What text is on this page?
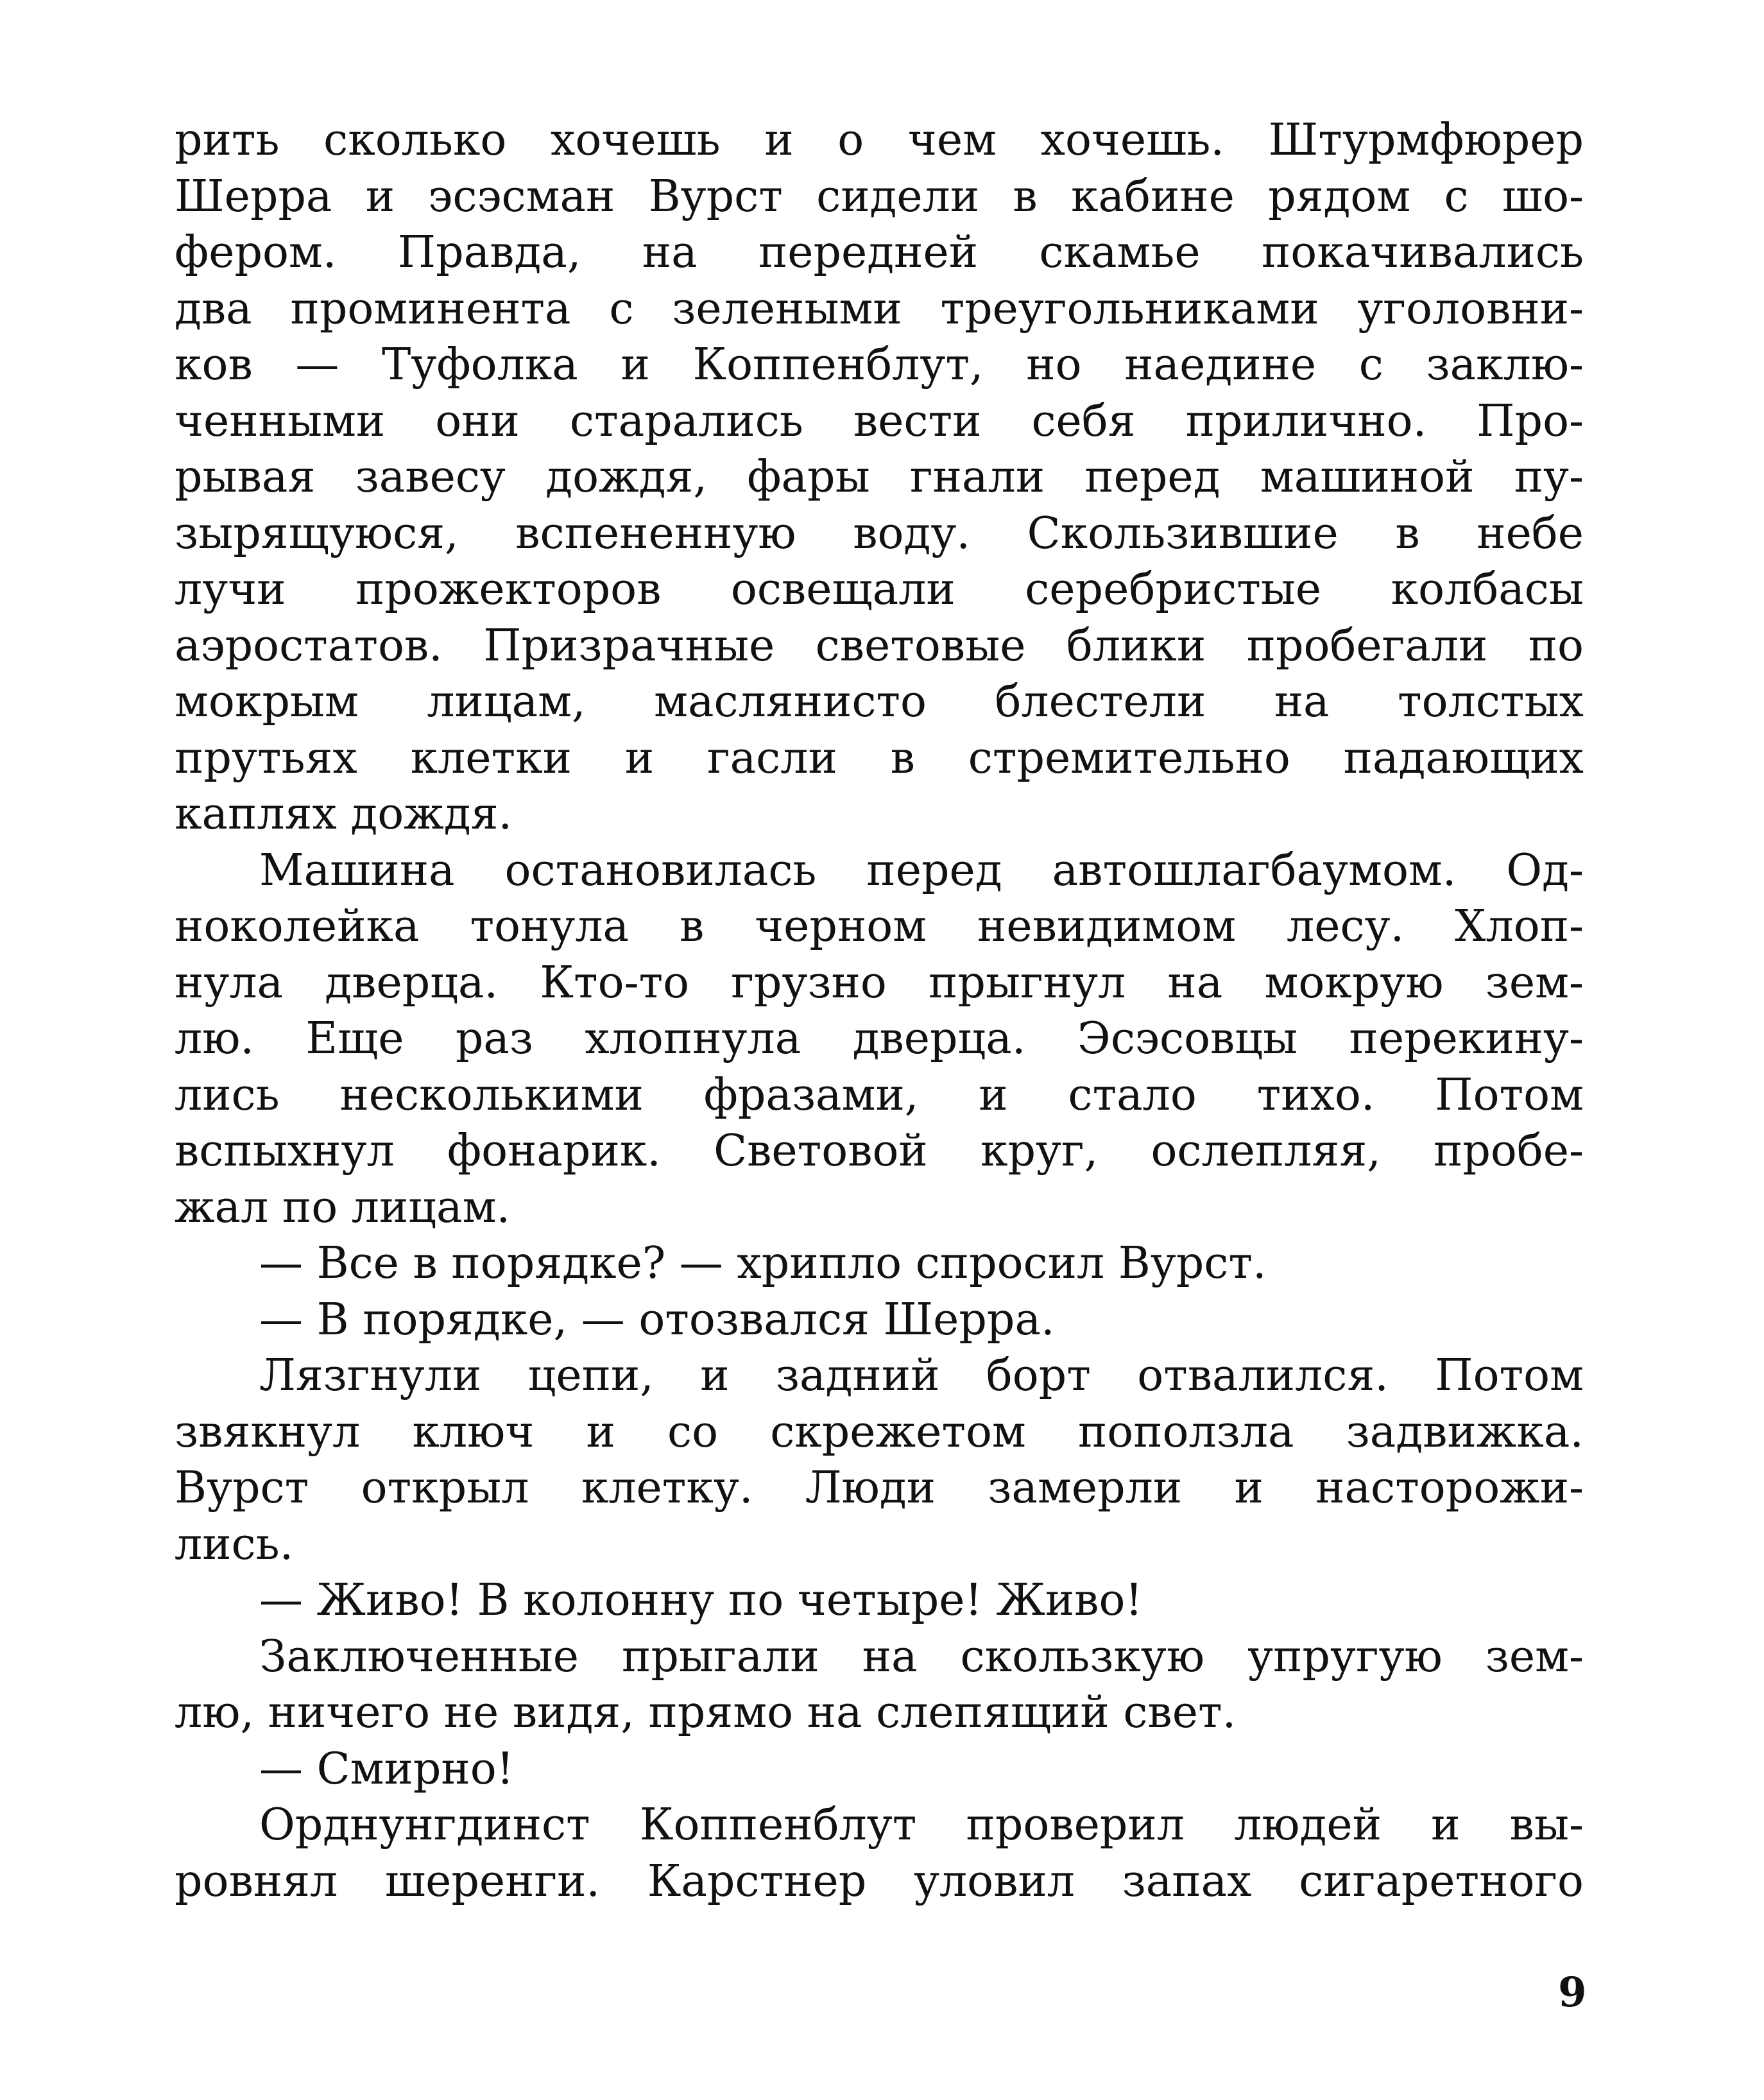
рить сколько хочешь и о чем хочешь. Штурмфюрер
Шерра и эсэсман Вурст сидели в кабине рядом с шо-
фером. Правда, на передней скамье покачивались
два проминента с зелеными треугольниками уголовни-
ков — Туфолка и Коппенблут, но наедине с заклю-
ченными они старались вести себя прилично. Про-
рывая завесу дождя, фары гнали перед машиной пу-
зырящуюся, вспененную воду. Скользившие в небе
лучи прожекторов освещали серебристые колбасы
аэростатов. Призрачные световые блики пробегали по
мокрым лицам, маслянисто блестели на толстых
прутьях клетки и гасли в стремительно падающих
каплях дождя.
Машина остановилась перед автошлагбаумом. Од-
ноколейка тонула в черном невидимом лесу. Хлоп-
нула дверца. Кто-то грузно прыгнул на мокрую зем-
лю. Еще раз хлопнула дверца. Эсэсовцы перекину-
лись несколькими фразами, и стало тихо. Потом
вспыхнул фонарик. Световой круг, ослепляя, пробе-
жал по лицам.
— Все в порядке? — хрипло спросил Вурст.
— В порядке, — отозвался Шерра.
Лязгнули цепи, и задний борт отвалился. Потом
звякнул ключ и со скрежетом поползла задвижка.
Вурст открыл клетку. Люди замерли и насторожи-
лись.
— Живо! В колонну по четыре! Живо!
Заключенные прыгали на скользкую упругую зем-
лю, ничего не видя, прямо на слепящий свет.
— Смирно!
Орднунгдинст Коппенблут проверил людей и вы-
ровнял шеренги. Карстнер уловил запах сигаретного
9
